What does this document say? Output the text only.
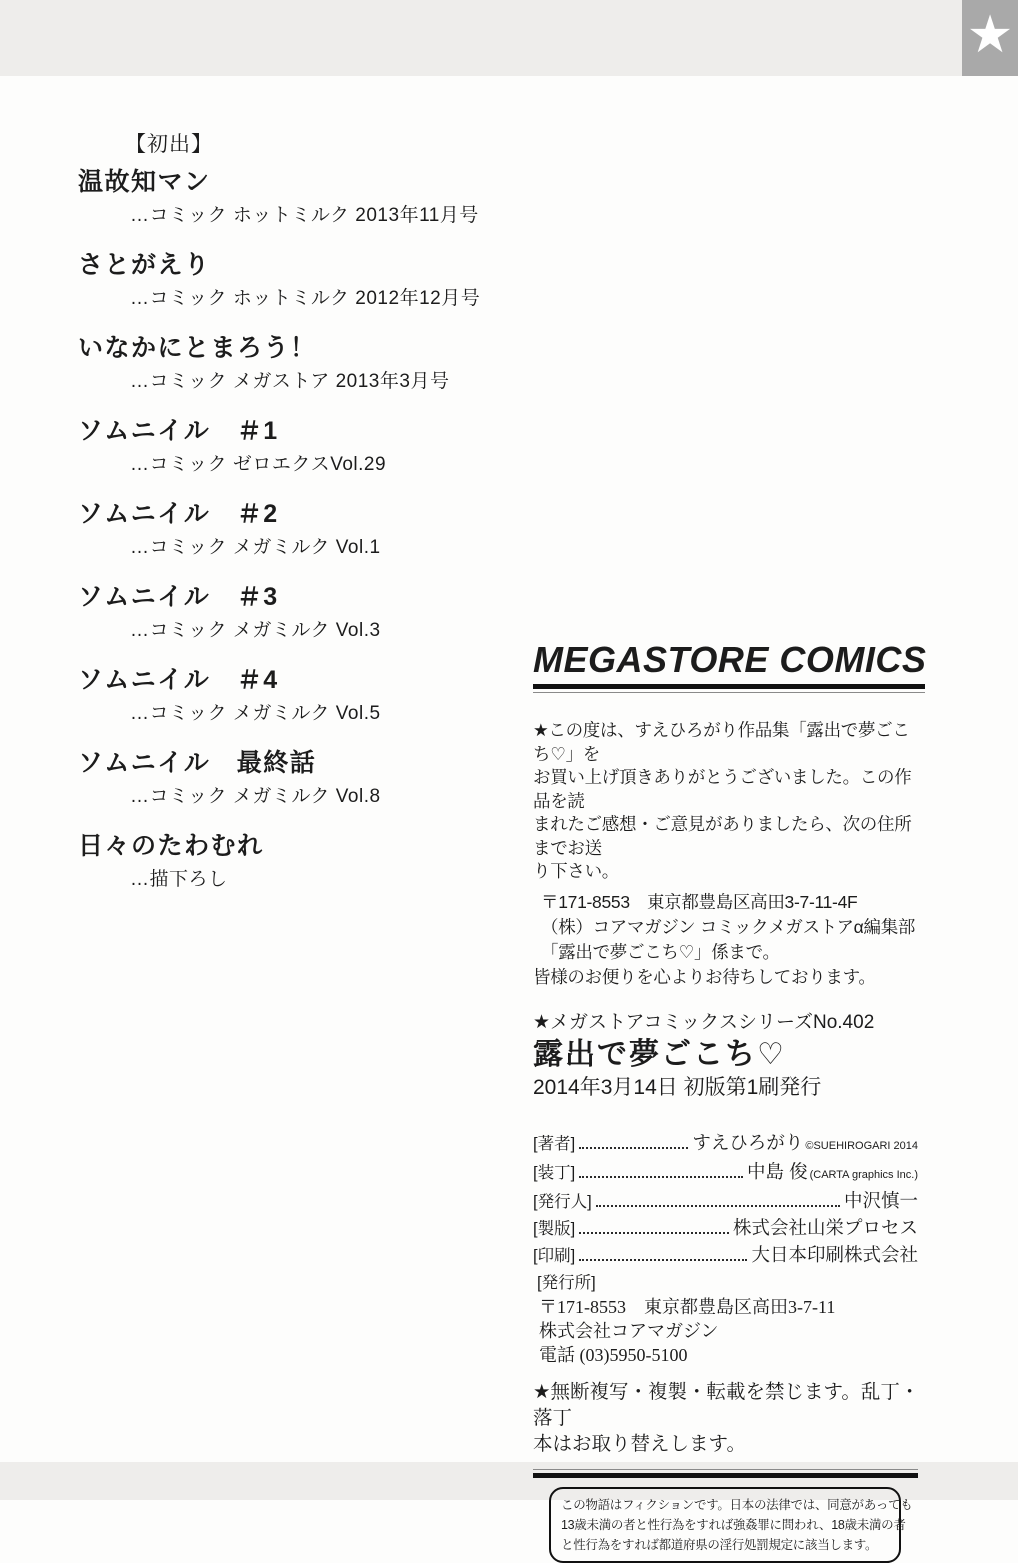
★
【初出】
温故知マン
…コミック ホットミルク 2013年11月号
さとがえり
…コミック ホットミルク 2012年12月号
いなかにとまろう！
…コミック メガストア 2013年3月号
ソムニイル　＃1
…コミック ゼロエクスVol.29
ソムニイル　＃2
…コミック メガミルク Vol.1
ソムニイル　＃3
…コミック メガミルク Vol.3
ソムニイル　＃4
…コミック メガミルク Vol.5
ソムニイル　最終話
…コミック メガミルク Vol.8
日々のたわむれ
…描下ろし
MEGASTORE COMICS
★この度は、すえひろがり作品集「露出で夢ごこち♡」を
お買い上げ頂きありがとうございました。この作品を読
まれたご感想・ご意見がありましたら、次の住所までお送
り下さい。
〒171-8553　東京都豊島区高田3-7-11-4F
（株）コアマガジン コミックメガストアα編集部
「露出で夢ごこち♡」係まで。
皆様のお便りを心よりお待ちしております。
★メガストアコミックスシリーズNo.402
露出で夢ごこち♡
2014年3月14日 初版第1刷発行
[著者]	すえひろがり ©SUEHIROGARI 2014
[装丁]	中島 俊 (CARTA graphics Inc.)
[発行人]	中沢慎一
[製版]	株式会社山栄プロセス
[印刷]	大日本印刷株式会社
[発行所]
〒171-8553　東京都豊島区高田3-7-11
株式会社コアマガジン
電話 (03)5950-5100
★無断複写・複製・転載を禁じます。乱丁・落丁
本はお取り替えします。
この物語はフィクションです。日本の法律では、同意があっても
13歳未満の者と性行為をすれば強姦罪に問われ、18歳未満の者
と性行為をすれば都道府県の淫行処罰規定に該当します。
